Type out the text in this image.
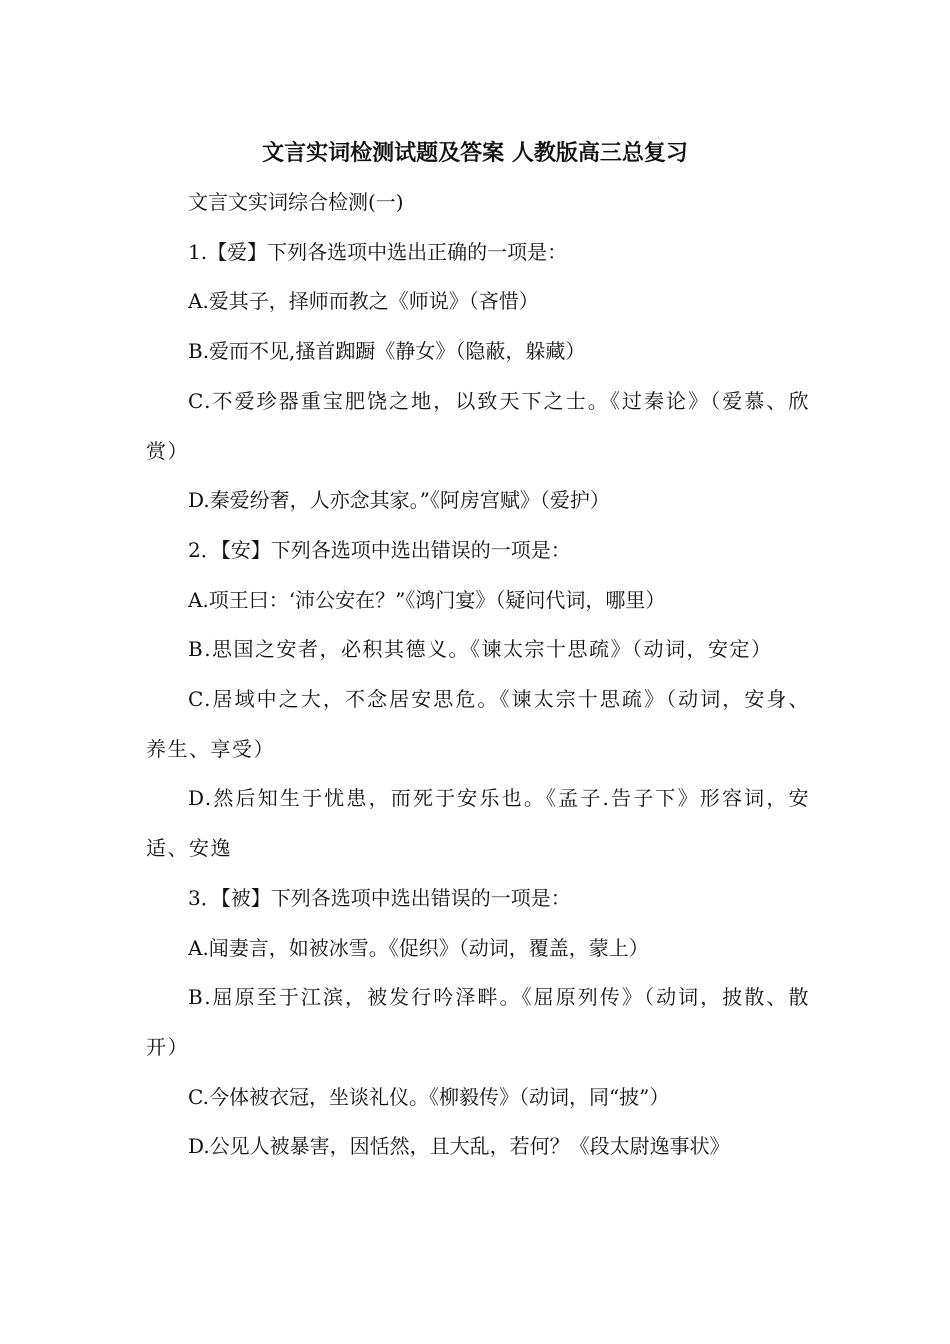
文言实词检测试题及答案 人教版高三总复习

文言文实词综合检测(一)

1.【爱】下列各选项中选出正确的一项是：

A.爱其子，择师而教之《师说》（吝惜）

B.爱而不见,搔首踟蹰《静女》（隐蔽，躲藏）

C.不爱珍器重宝肥饶之地，以致天下之士。《过秦论》（爱慕、欣赏）

D.秦爱纷奢，人亦念其家。”《阿房宫赋》（爱护）

2．【安】下列各选项中选出错误的一项是：

A.项王曰：‘沛公安在？”《鸿门宴》（疑问代词，哪里）

B.思国之安者，必积其德义。《谏太宗十思疏》（动词，安定）

C.居域中之大，不念居安思危。《谏太宗十思疏》（动词，安身、养生、享受）

D.然后知生于忧患，而死于安乐也。《孟子.告子下》形容词，安适、安逸

3．【被】下列各选项中选出错误的一项是：

A.闻妻言，如被冰雪。《促织》（动词，覆盖，蒙上）

B.屈原至于江滨，被发行吟泽畔。《屈原列传》（动词，披散、散开）

C.今体被衣冠，坐谈礼仪。《柳毅传》（动词，同“披”）

D.公见人被暴害，因恬然，且大乱，若何？《段太尉逸事状》
